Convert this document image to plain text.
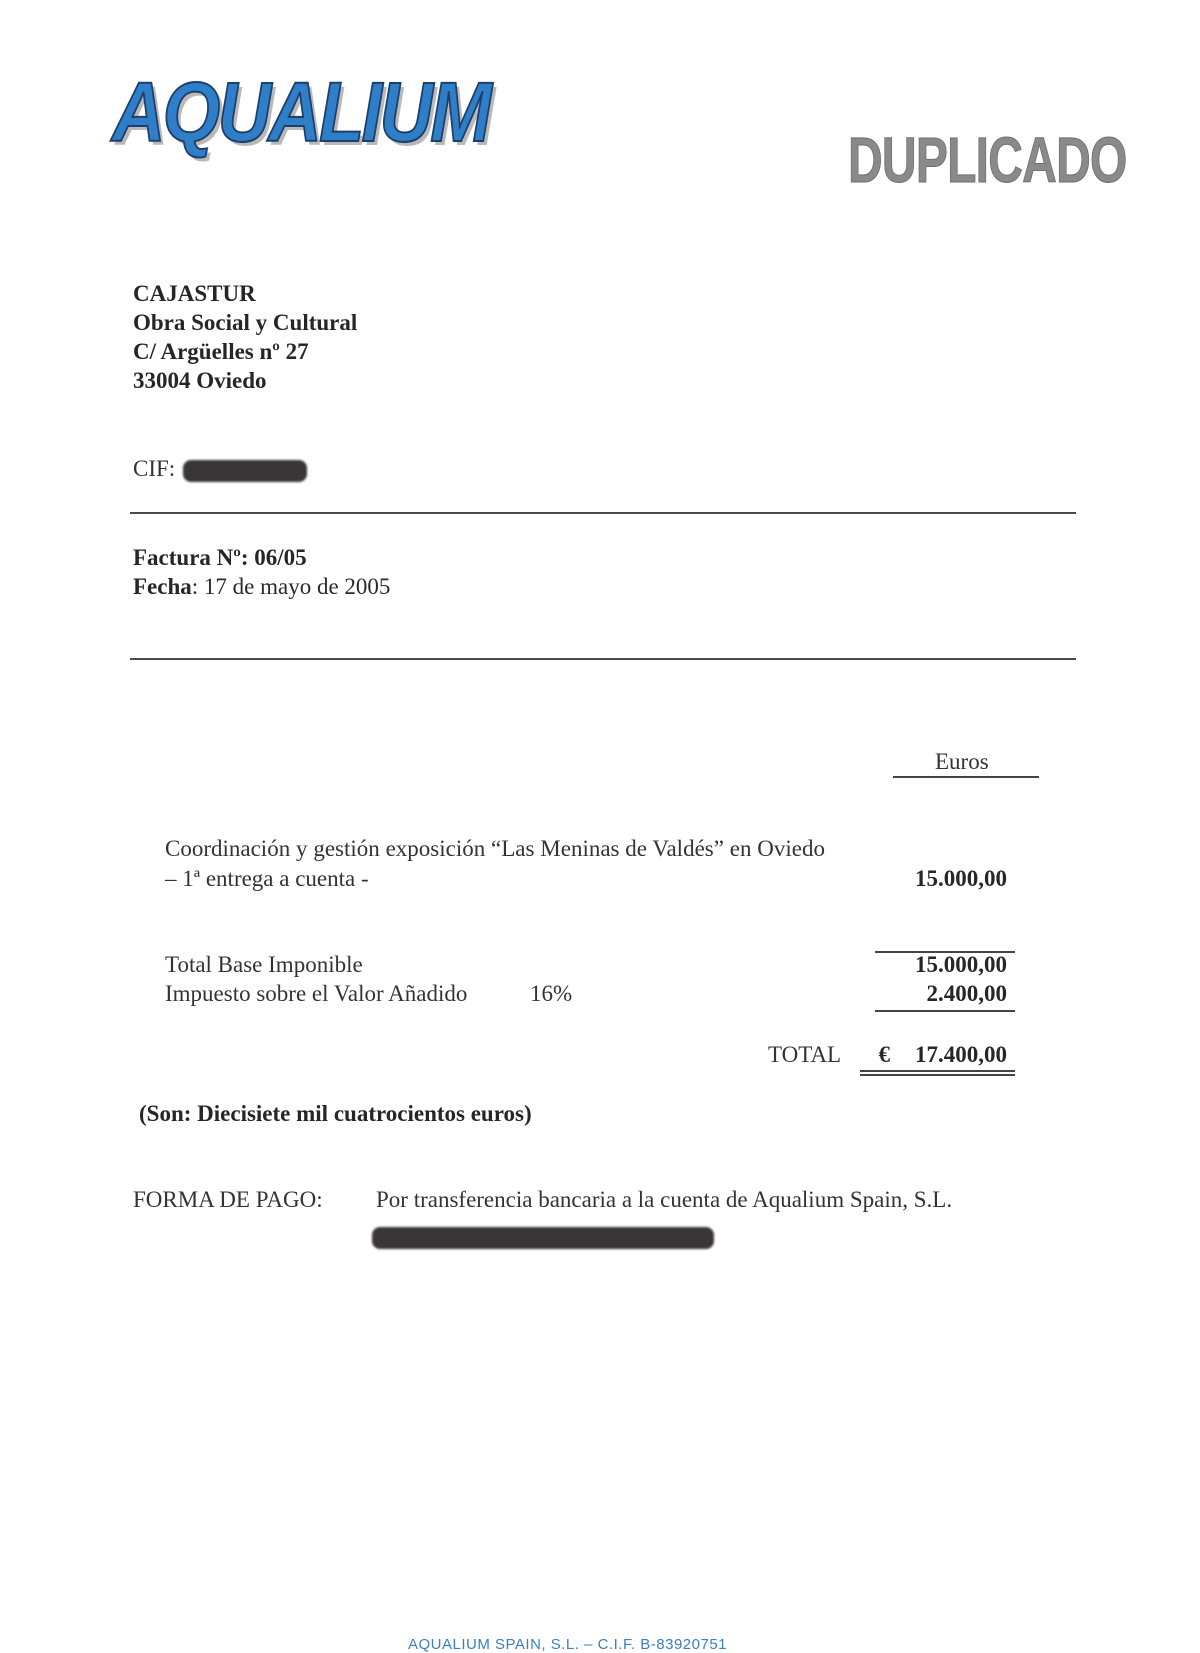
AQUALIUM
DUPLICADO
CAJASTUR
Obra Social y Cultural
C/ Argüelles nº 27
33004 Oviedo
CIF:
Factura Nº: 06/05
Fecha: 17 de mayo de 2005
Euros
Coordinación y gestión exposición “Las Meninas de Valdés” en Oviedo – 1ª entrega a cuenta -	15.000,00
Total Base Imponible	15.000,00
Impuesto sobre el Valor Añadido	16%	2.400,00
TOTAL	€	17.400,00
(Son: Diecisiete mil cuatrocientos euros)
FORMA DE PAGO: Por transferencia bancaria a la cuenta de Aqualium Spain, S.L.
AQUALIUM SPAIN, S.L. – C.I.F. B-83920751
